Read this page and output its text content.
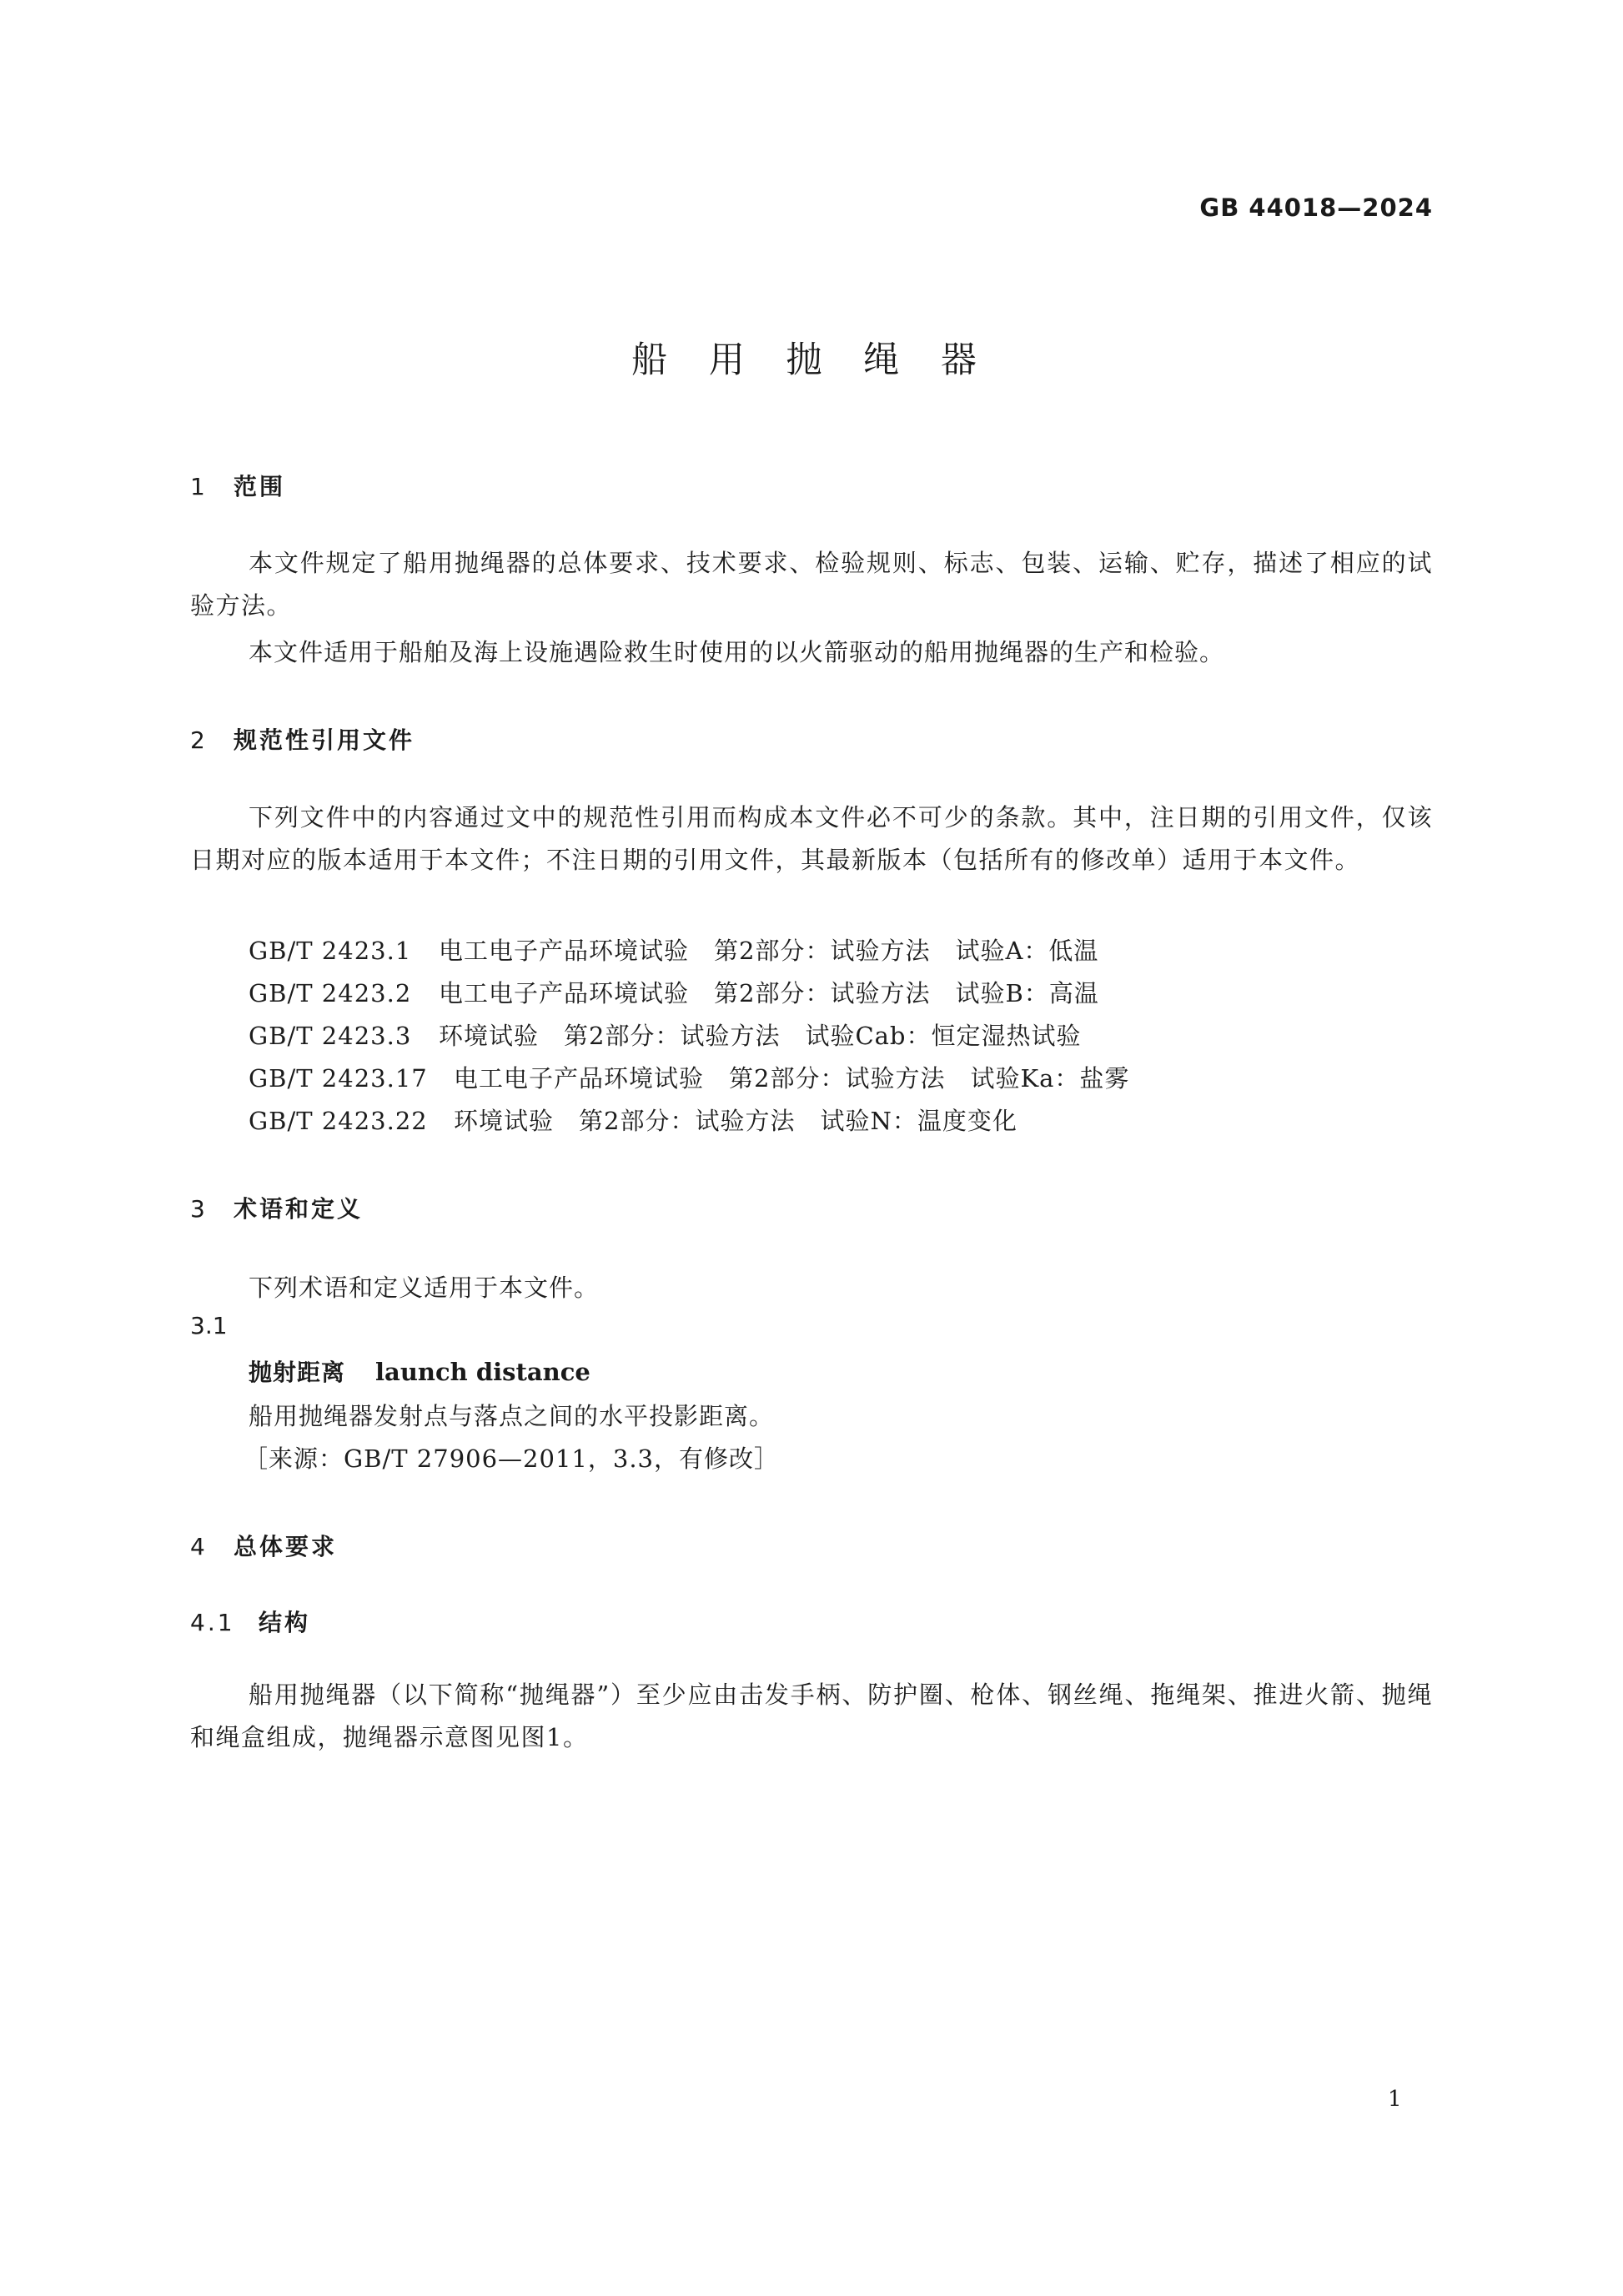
GB 44018—2024
船 用 抛 绳 器
1 范围
本文件规定了船用抛绳器的总体要求、技术要求、检验规则、标志、包装、运输、贮存，描述了相应的试验方法。
本文件适用于船舶及海上设施遇险救生时使用的以火箭驱动的船用抛绳器的生产和检验。
2 规范性引用文件
下列文件中的内容通过文中的规范性引用而构成本文件必不可少的条款。其中，注日期的引用文件，仅该日期对应的版本适用于本文件；不注日期的引用文件，其最新版本（包括所有的修改单）适用于本文件。
GB/T 2423.1 电工电子产品环境试验　第2部分：试验方法　试验A：低温
GB/T 2423.2 电工电子产品环境试验　第2部分：试验方法　试验B：高温
GB/T 2423.3 环境试验　第2部分：试验方法　试验Cab：恒定湿热试验
GB/T 2423.17 电工电子产品环境试验　第2部分：试验方法　试验Ka：盐雾
GB/T 2423.22 环境试验　第2部分：试验方法　试验N：温度变化
3 术语和定义
下列术语和定义适用于本文件。
3.1
抛射距离 launch distance
船用抛绳器发射点与落点之间的水平投影距离。
［来源：GB/T 27906—2011，3.3，有修改］
4 总体要求
4.1 结构
船用抛绳器（以下简称“抛绳器”）至少应由击发手柄、防护圈、枪体、钢丝绳、拖绳架、推进火箭、抛绳和绳盒组成，抛绳器示意图见图1。
1
